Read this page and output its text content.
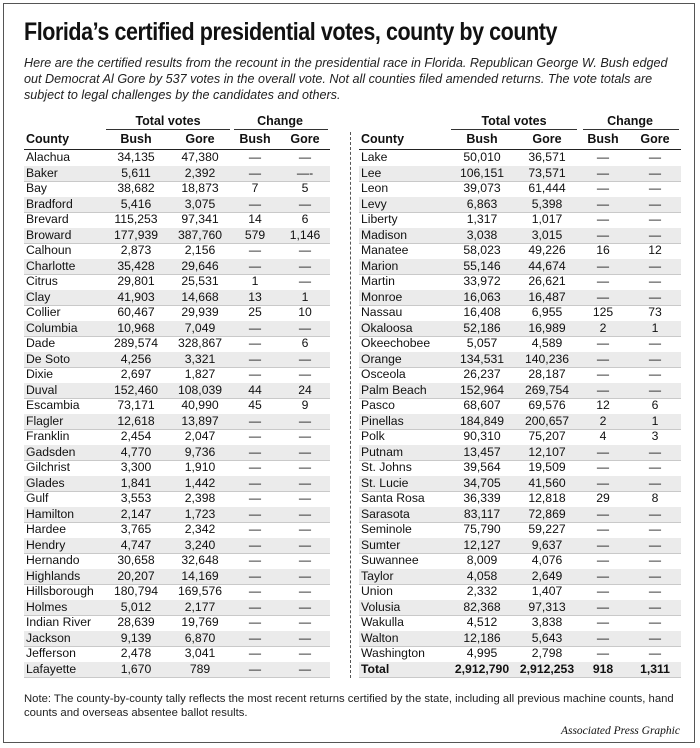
Florida’s certified presidential votes, county by county
Here are the certified results from the recount in the presidential race in Florida. Republican George W. Bush edged out Democrat Al Gore by 537 votes in the overall vote. Not all counties filed amended returns. The vote totals are subject to legal challenges by the candidates and others.
Total votes	Change
County	Bush	Gore	Bush	Gore
Alachua	34,135	47,380	—	—
Baker	5,611	2,392	—	—-
Bay	38,682	18,873	7	5
Bradford	5,416	3,075	—	—
Brevard	115,253	97,341	14	6
Broward	177,939	387,760	579	1,146
Calhoun	2,873	2,156	—	—
Charlotte	35,428	29,646	—	—
Citrus	29,801	25,531	1	—
Clay	41,903	14,668	13	1
Collier	60,467	29,939	25	10
Columbia	10,968	7,049	—	—
Dade	289,574	328,867	—	6
De Soto	4,256	3,321	—	—
Dixie	2,697	1,827	—	—
Duval	152,460	108,039	44	24
Escambia	73,171	40,990	45	9
Flagler	12,618	13,897	—	—
Franklin	2,454	2,047	—	—
Gadsden	4,770	9,736	—	—
Gilchrist	3,300	1,910	—	—
Glades	1,841	1,442	—	—
Gulf	3,553	2,398	—	—
Hamilton	2,147	1,723	—	—
Hardee	3,765	2,342	—	—
Hendry	4,747	3,240	—	—
Hernando	30,658	32,648	—	—
Highlands	20,207	14,169	—	—
Hillsborough	180,794	169,576	—	—
Holmes	5,012	2,177	—	—
Indian River	28,639	19,769	—	—
Jackson	9,139	6,870	—	—
Jefferson	2,478	3,041	—	—
Lafayette	1,670	789	—	—
Total votes	Change
County	Bush	Gore	Bush	Gore
Lake	50,010	36,571	—	—
Lee	106,151	73,571	—	—
Leon	39,073	61,444	—	—
Levy	6,863	5,398	—	—
Liberty	1,317	1,017	—	—
Madison	3,038	3,015	—	—
Manatee	58,023	49,226	16	12
Marion	55,146	44,674	—	—
Martin	33,972	26,621	—	—
Monroe	16,063	16,487	—	—
Nassau	16,408	6,955	125	73
Okaloosa	52,186	16,989	2	1
Okeechobee	5,057	4,589	—	—
Orange	134,531	140,236	—	—
Osceola	26,237	28,187	—	—
Palm Beach	152,964	269,754	—	—
Pasco	68,607	69,576	12	6
Pinellas	184,849	200,657	2	1
Polk	90,310	75,207	4	3
Putnam	13,457	12,107	—	—
St. Johns	39,564	19,509	—	—
St. Lucie	34,705	41,560	—	—
Santa Rosa	36,339	12,818	29	8
Sarasota	83,117	72,869	—	—
Seminole	75,790	59,227	—	—
Sumter	12,127	9,637	—	—
Suwannee	8,009	4,076	—	—
Taylor	4,058	2,649	—	—
Union	2,332	1,407	—	—
Volusia	82,368	97,313	—	—
Wakulla	4,512	3,838	—	—
Walton	12,186	5,643	—	—
Washington	4,995	2,798	—	—
Total	2,912,790 2,912,253	918	1,311
Note: The county-by-county tally reflects the most recent returns certified by the state, including all previous machine counts, hand counts and overseas absentee ballot results.
Associated Press Graphic
